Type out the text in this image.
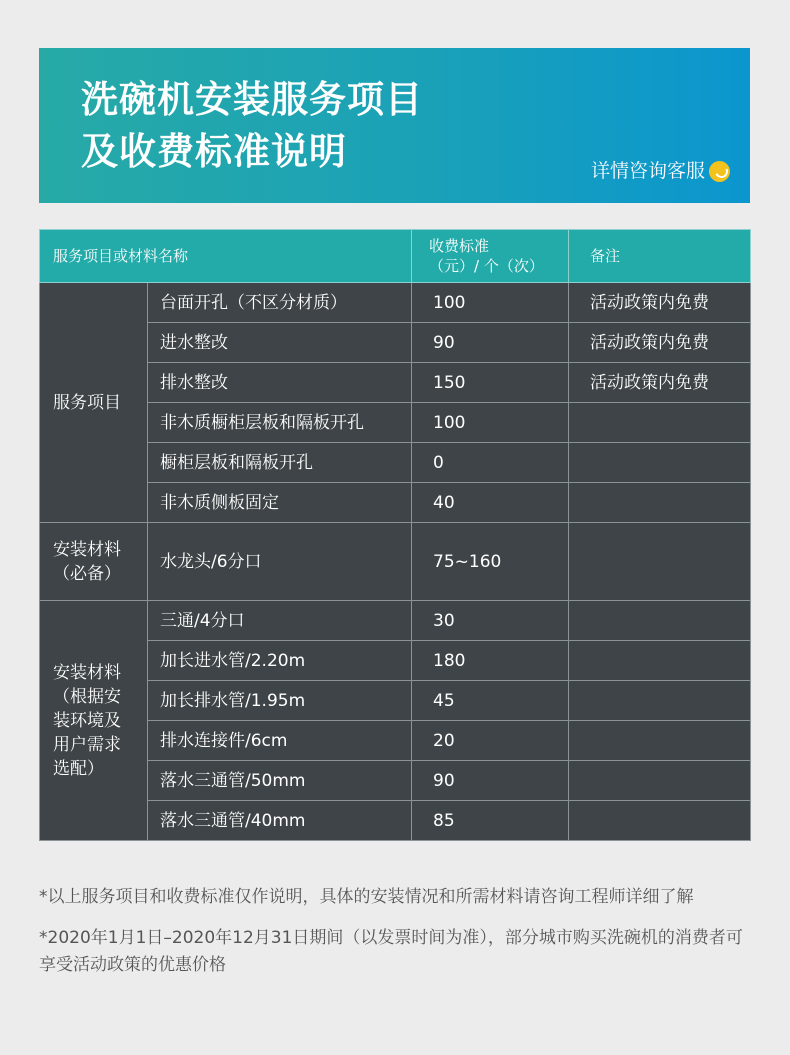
洗碗机安装服务项目
及收费标准说明	详情咨询客服
服务项目或材料名称		收费标准
（元）/ 个（次）	备注
服务项目	台面开孔（不区分材质）	100	活动政策内免费
	进水整改	90	活动政策内免费
	排水整改	150	活动政策内免费
	非木质橱柜层板和隔板开孔	100	
	橱柜层板和隔板开孔	0	
	非木质侧板固定	40	

安装材料
（必备）	水龙头/6分口	75~160	

安装材料
（根据安
装环境及
用户需求
选配）	三通/4分口	30	
	加长进水管/2.20m	180	
	加长排水管/1.95m	45	
	排水连接件/6cm	20	
	落水三通管/50mm	90	
	落水三通管/40mm	85	

*以上服务项目和收费标准仅作说明，具体的安装情况和所需材料请咨询工程师详细了解

*2020年1月1日–2020年12月31日期间（以发票时间为准），部分城市购买洗碗机的消费者可享受活动政策的优惠价格
